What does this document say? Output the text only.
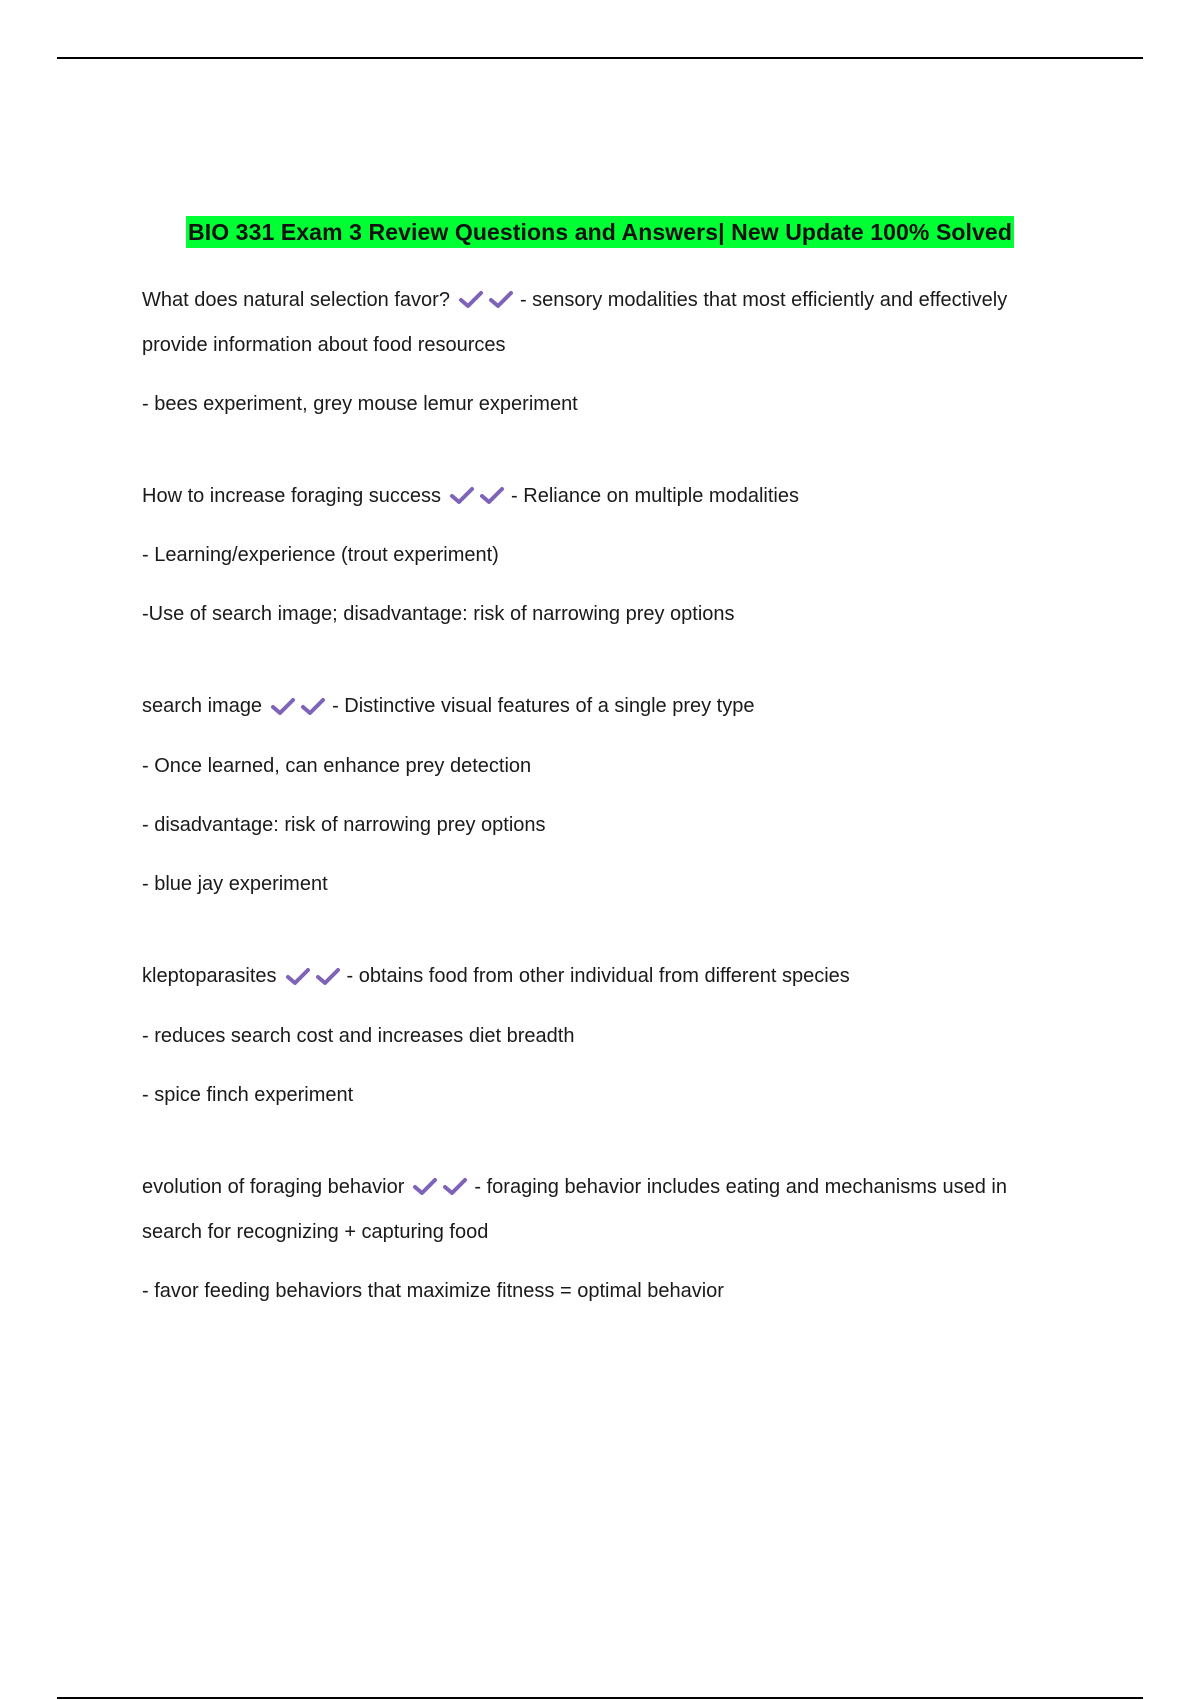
BIO 331 Exam 3 Review Questions and Answers| New Update 100% Solved

What does natural selection favor?	- sensory modalities that most efficiently and effectively provide information about food resources

- bees experiment, grey mouse lemur experiment

How to increase foraging success	- Reliance on multiple modalities

- Learning/experience (trout experiment)

-Use of search image; disadvantage: risk of narrowing prey options

search image	- Distinctive visual features of a single prey type

- Once learned, can enhance prey detection

- disadvantage: risk of narrowing prey options

- blue jay experiment

kleptoparasites	- obtains food from other individual from different species

- reduces search cost and increases diet breadth

- spice finch experiment

evolution of foraging behavior	- foraging behavior includes eating and mechanisms used in search for recognizing + capturing food

- favor feeding behaviors that maximize fitness = optimal behavior
